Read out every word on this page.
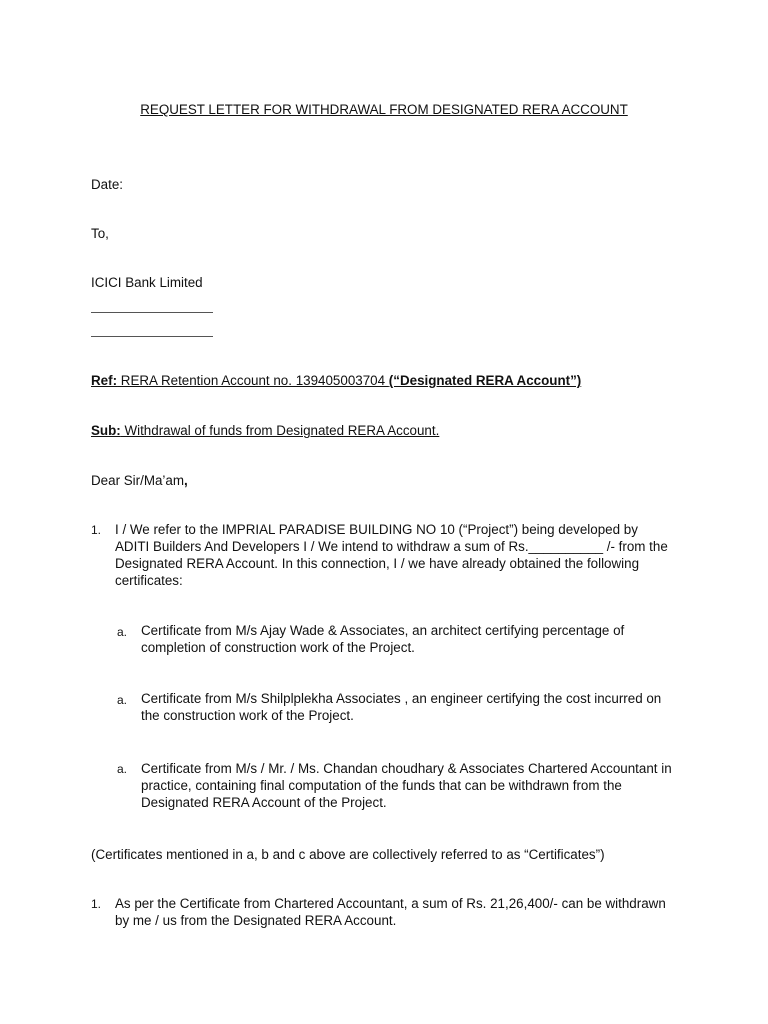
REQUEST LETTER FOR WITHDRAWAL FROM DESIGNATED RERA ACCOUNT
Date:
To,
ICICI Bank Limited
Ref: RERA Retention Account no. 139405003704 (“Designated RERA Account”)
Sub: Withdrawal of funds from Designated RERA Account.
Dear Sir/Ma’am,
1.	I / We refer to the IMPRIAL PARADISE BUILDING NO 10 (“Project”) being developed by ADITI Builders And Developers I / We intend to withdraw a sum of Rs.__________ /- from the Designated RERA Account. In this connection, I / we have already obtained the following certificates:
a.	Certificate from M/s Ajay Wade & Associates, an architect certifying percentage of completion of construction work of the Project.
a.	Certificate from M/s Shilplplekha Associates , an engineer certifying the cost incurred on the construction work of the Project.
a.	Certificate from M/s / Mr. / Ms. Chandan choudhary & Associates Chartered Accountant in practice, containing final computation of the funds that can be withdrawn from the Designated RERA Account of the Project.
(Certificates mentioned in a, b and c above are collectively referred to as “Certificates”)
1.	As per the Certificate from Chartered Accountant, a sum of Rs. 21,26,400/- can be withdrawn by me / us from the Designated RERA Account.
